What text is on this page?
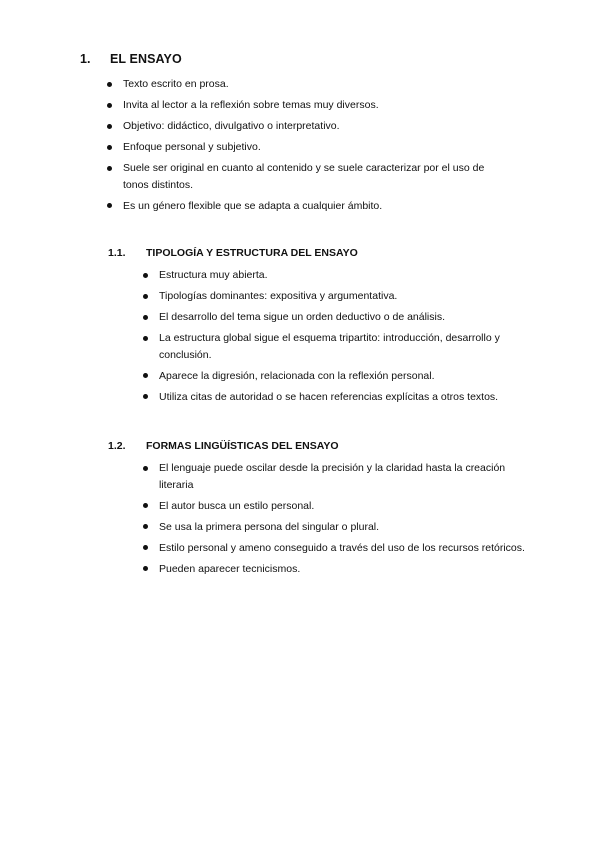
1. EL ENSAYO
Texto escrito en prosa.
Invita al lector a la reflexión sobre temas muy diversos.
Objetivo: didáctico, divulgativo o interpretativo.
Enfoque personal y subjetivo.
Suele ser original en cuanto al contenido y se suele caracterizar por el uso de tonos distintos.
Es un género flexible que se adapta a cualquier ámbito.
1.1. TIPOLOGÍA Y ESTRUCTURA DEL ENSAYO
Estructura muy abierta.
Tipologías dominantes: expositiva y argumentativa.
El desarrollo del tema sigue un orden deductivo o de análisis.
La estructura global sigue el esquema tripartito: introducción, desarrollo y conclusión.
Aparece la digresión, relacionada con la reflexión personal.
Utiliza citas de autoridad o se hacen referencias explícitas a otros textos.
1.2. FORMAS LINGÜÍSTICAS DEL ENSAYO
El lenguaje puede oscilar desde la precisión y la claridad hasta la creación literaria
El autor busca un estilo personal.
Se usa la primera persona del singular o plural.
Estilo personal y ameno conseguido a través del uso de los recursos retóricos.
Pueden aparecer tecnicismos.
